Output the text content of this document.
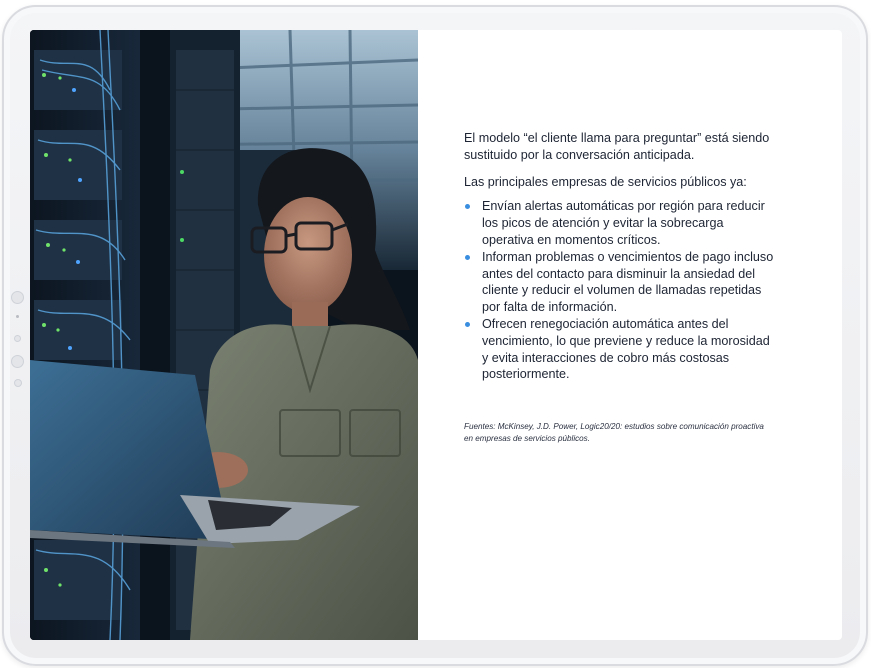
El modelo “el cliente llama para preguntar” está siendo sustituido por la conversación anticipada.

Las principales empresas de servicios públicos ya:

Envían alertas automáticas por región para reducir los picos de atención y evitar la sobrecarga operativa en momentos críticos.
Informan problemas o vencimientos de pago incluso antes del contacto para disminuir la ansiedad del cliente y reducir el volumen de llamadas repetidas por falta de información.
Ofrecen renegociación automática antes del vencimiento, lo que previene y reduce la morosidad y evita interacciones de cobro más costosas posteriormente.

Fuentes: McKinsey, J.D. Power, Logic20/20: estudios sobre comunicación proactiva en empresas de servicios públicos.
